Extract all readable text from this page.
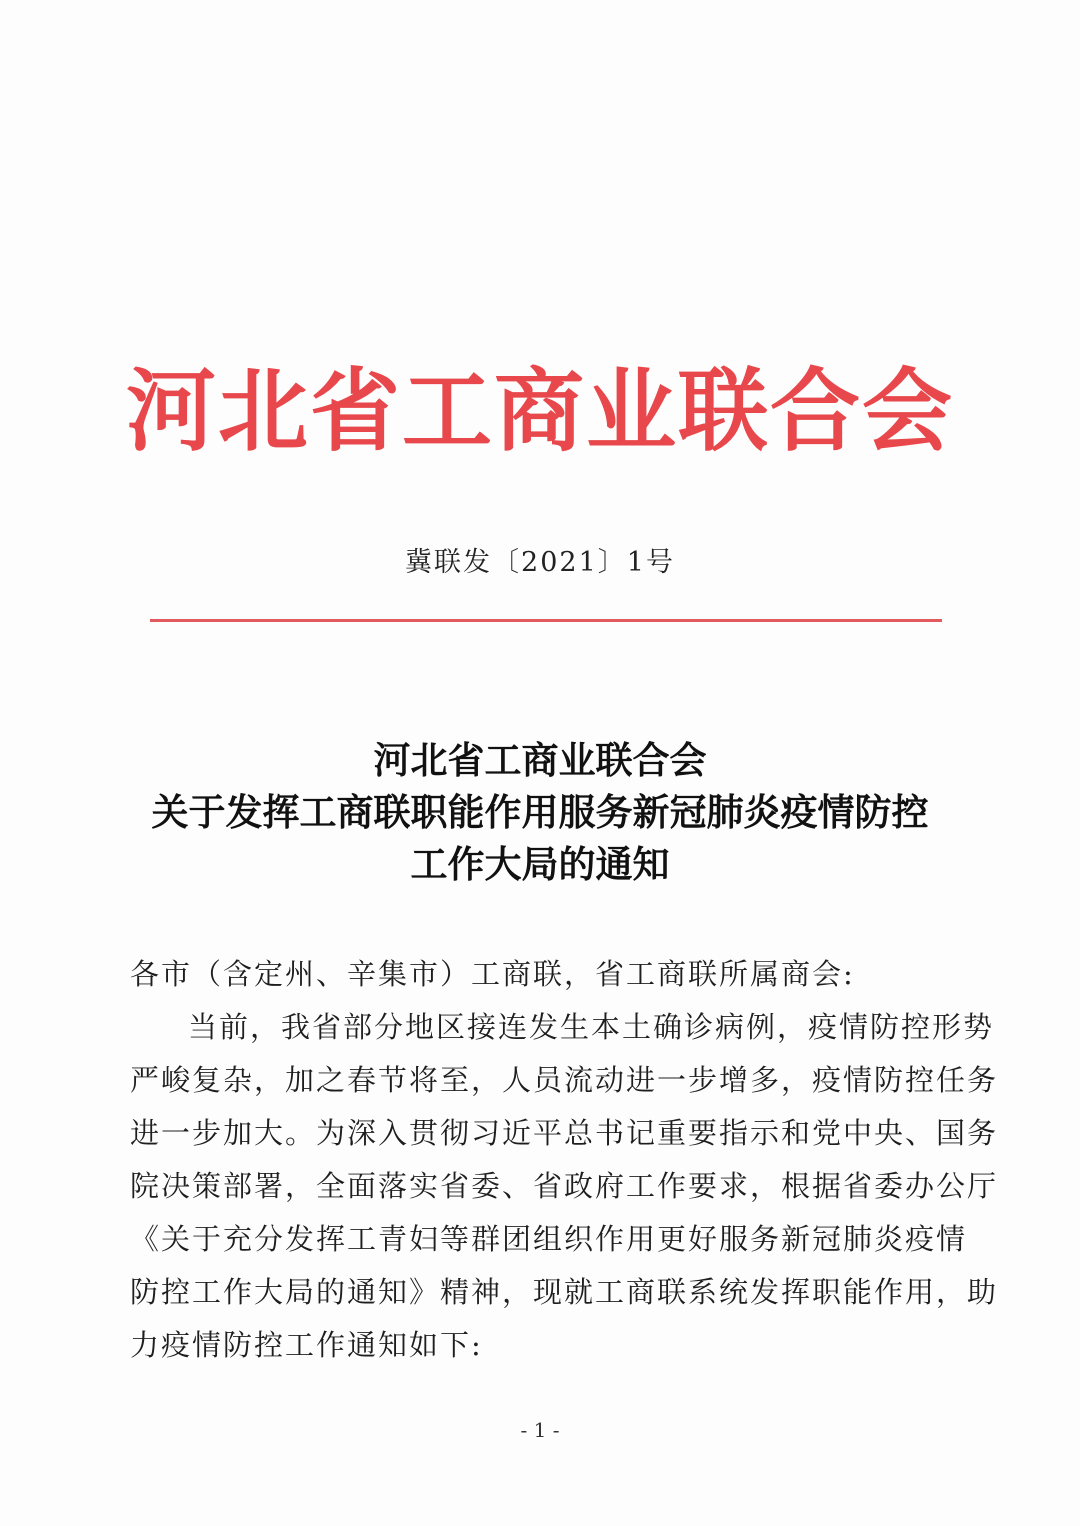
河北省工商业联合会
冀联发〔2021〕1号
河北省工商业联合会
关于发挥工商联职能作用服务新冠肺炎疫情防控
工作大局的通知

各市（含定州、辛集市）工商联，省工商联所属商会:

当前，我省部分地区接连发生本土确诊病例，疫情防控形势

严峻复杂，加之春节将至，人员流动进一步增多，疫情防控任务

进一步加大。为深入贯彻习近平总书记重要指示和党中央、国务

院决策部署，全面落实省委、省政府工作要求，根据省委办公厅

《关于充分发挥工青妇等群团组织作用更好服务新冠肺炎疫情

防控工作大局的通知》精神，现就工商联系统发挥职能作用，助

力疫情防控工作通知如下:

- 1 -
